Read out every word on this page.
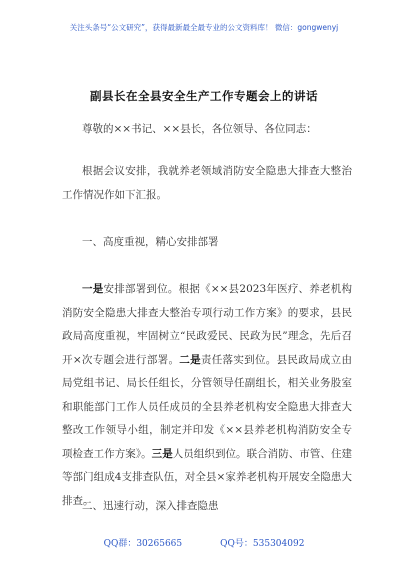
关注头条号“公文研究”，获得最新最全最专业的公文资料库！ 微信：gongwenyj
副县长在全县安全生产工作专题会上的讲话
尊敬的××书记、××县长，各位领导、各位同志：
根据会议安排，我就养老领域消防安全隐患大排查大整治工作情况作如下汇报。
一、高度重视，精心安排部署
一是安排部署到位。根据《××县2023年医疗、养老机构消防安全隐患大排查大整治专项行动工作方案》的要求，县民政局高度重视，牢固树立“民政爱民、民政为民”理念，先后召开×次专题会进行部署。二是责任落实到位。县民政局成立由局党组书记、局长任组长，分管领导任副组长，相关业务股室和职能部门工作人员任成员的全县养老机构安全隐患大排查大整改工作领导小组，制定并印发《××县养老机构消防安全专项检查工作方案》。三是人员组织到位。联合消防、市管、住建等部门组成4支排查队伍，对全县×家养老机构开展安全隐患大排查。
二、迅速行动，深入排查隐患
QQ群：30265665	QQ号：535304092
